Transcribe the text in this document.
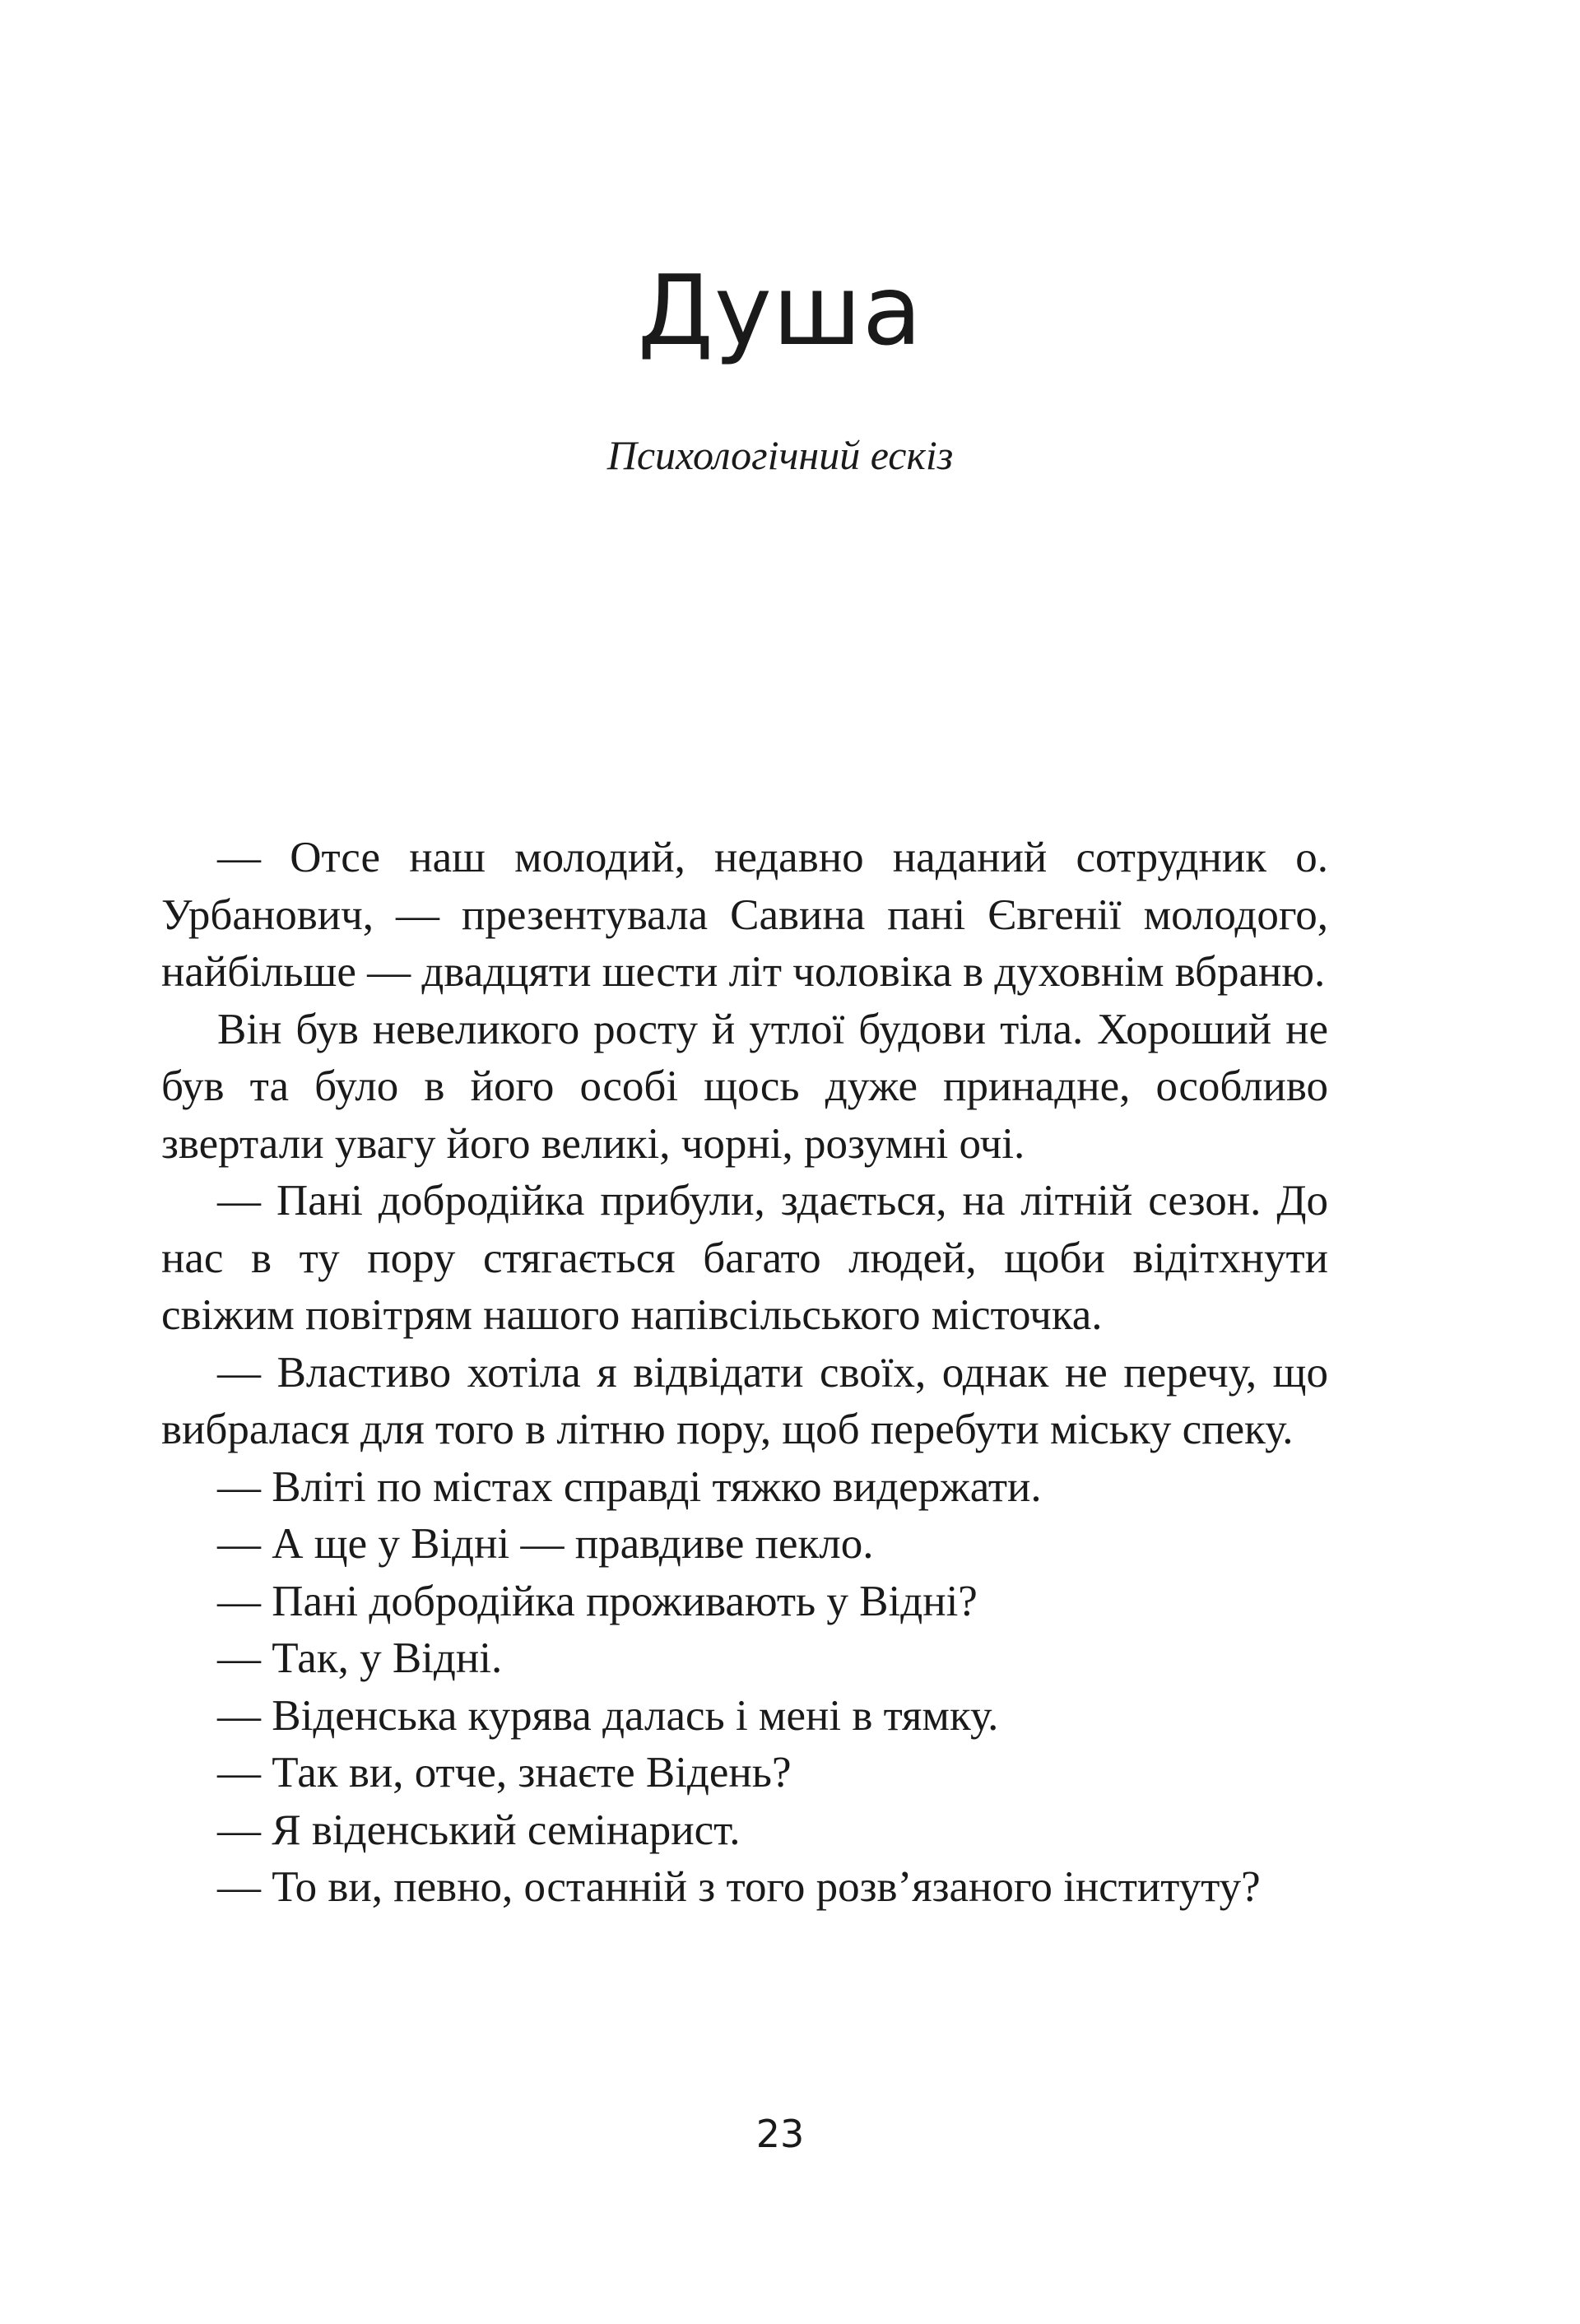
Душа

Психологічний ескіз

— Отсе наш молодий, недавно наданий сотрудник о. Урбанович, — презентувала Савина пані Євгенії молодого, найбільше — двадцяти шести літ чоловіка в духовнім вбраню.

Він був невеликого росту й утлої будови тіла. Хороший не був та було в його особі щось дуже принадне, особливо звертали увагу його великі, чорні, розумні очі.

— Пані добродійка прибули, здається, на літній сезон. До нас в ту пору стягається багато людей, щоби відітхнути свіжим повітрям нашого напівсільського місточка.

— Властиво хотіла я відвідати своїх, однак не перечу, що вибралася для того в літню пору, щоб перебути міську спеку.

— Вліті по містах справді тяжко видержати.

— А ще у Відні — правдиве пекло.

— Пані добродійка проживають у Відні?

— Так, у Відні.

— Віденська курява далась і мені в тямку.

— Так ви, отче, знаєте Відень?

— Я віденський семінарист.

— То ви, певно, останній з того розв’язаного інституту?

23
